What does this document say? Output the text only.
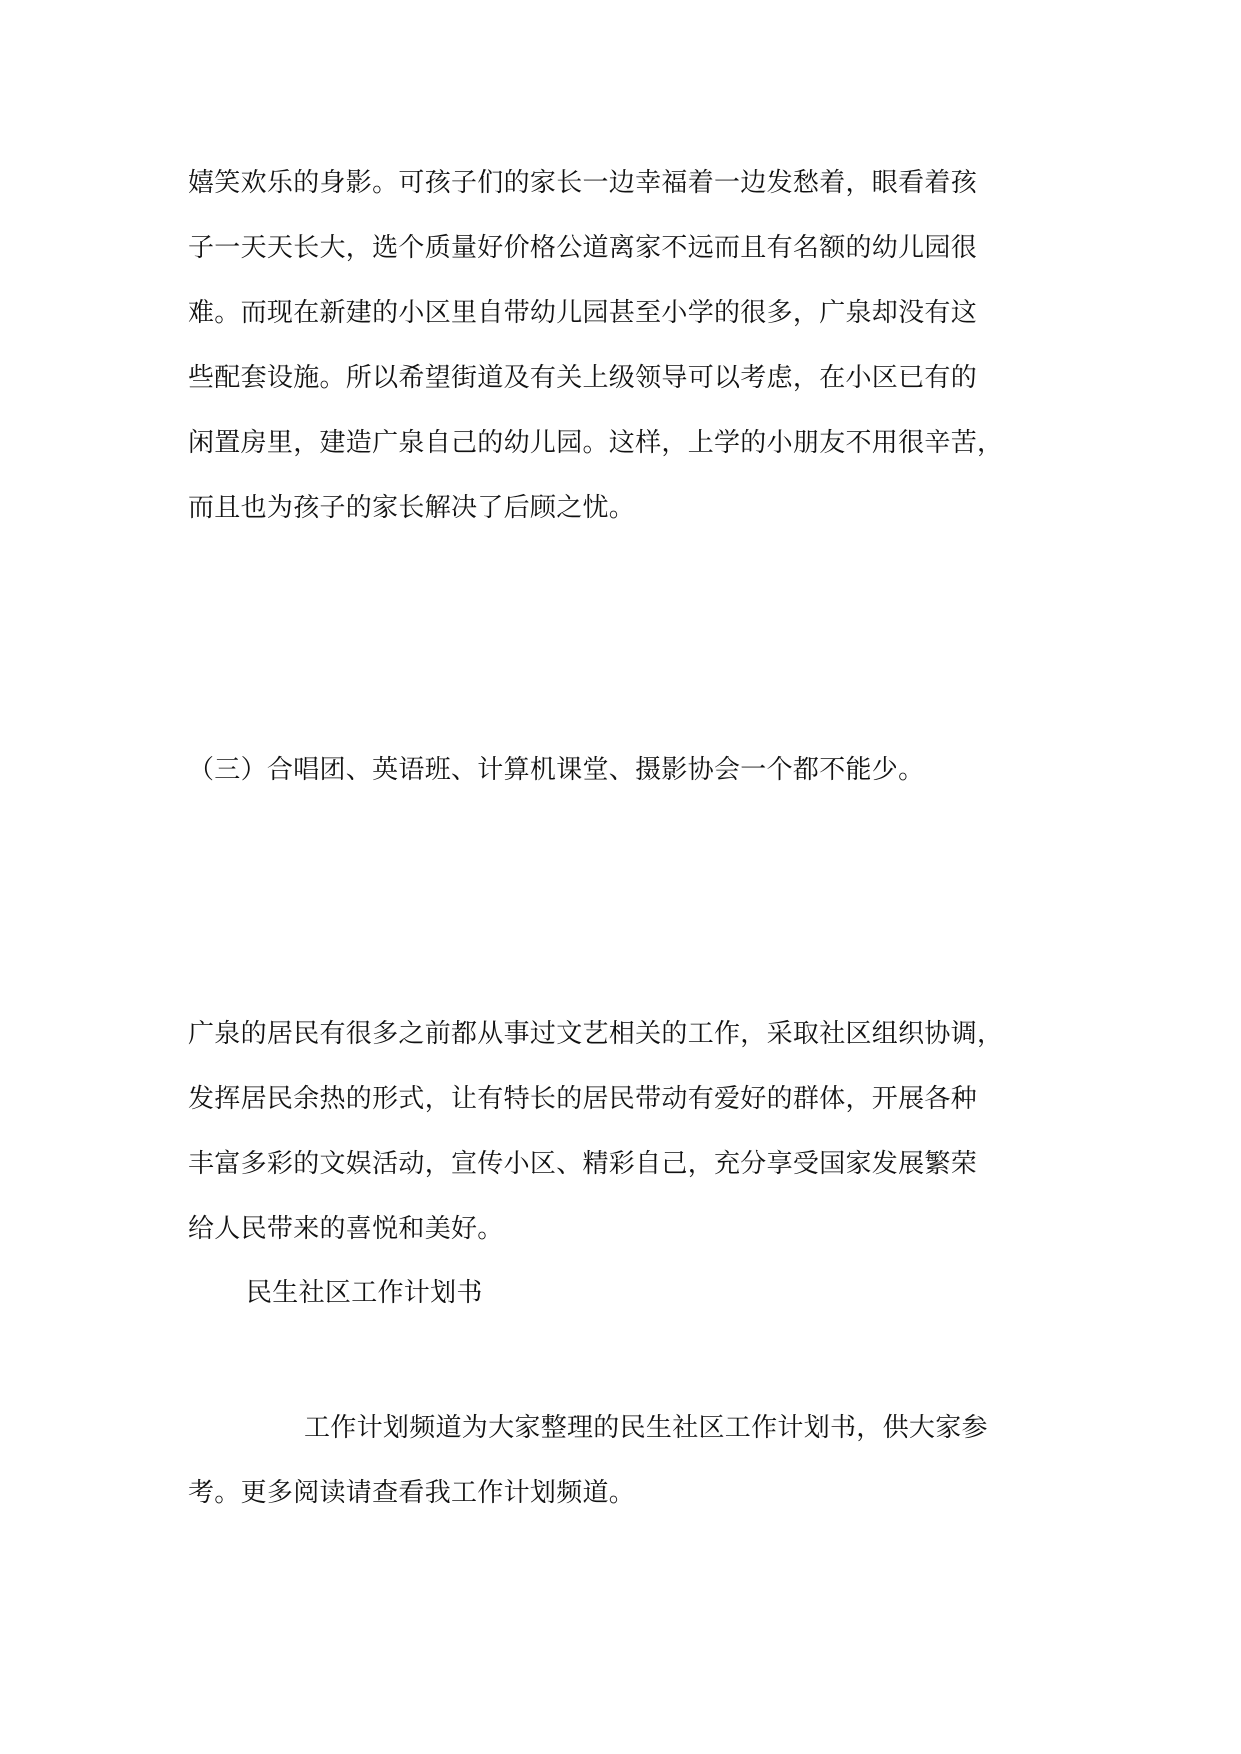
嬉笑欢乐的身影。可孩子们的家长一边幸福着一边发愁着，眼看着孩
子一天天长大，选个质量好价格公道离家不远而且有名额的幼儿园很
难。而现在新建的小区里自带幼儿园甚至小学的很多，广泉却没有这
些配套设施。所以希望街道及有关上级领导可以考虑，在小区已有的
闲置房里，建造广泉自己的幼儿园。这样，上学的小朋友不用很辛苦，
而且也为孩子的家长解决了后顾之忧。
（三）合唱团、英语班、计算机课堂、摄影协会一个都不能少。
广泉的居民有很多之前都从事过文艺相关的工作，采取社区组织协调，
发挥居民余热的形式，让有特长的居民带动有爱好的群体，开展各种
丰富多彩的文娱活动，宣传小区、精彩自己，充分享受国家发展繁荣
给人民带来的喜悦和美好。
民生社区工作计划书
工作计划频道为大家整理的民生社区工作计划书，供大家参
考。更多阅读请查看我工作计划频道。
